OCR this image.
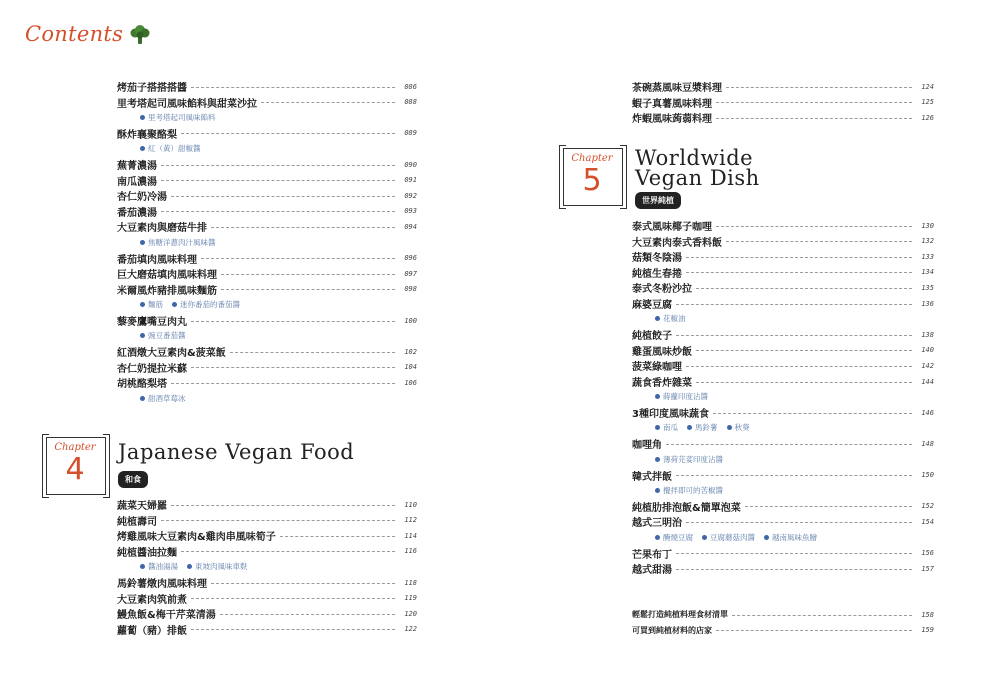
Contents
烤茄子搭搭搭醬	086
里考塔起司風味餡料與甜菜沙拉	088
里考塔起司風味餡料
酥炸襄聚酪梨	089
紅（黃）甜椒醬
蕪菁濃湯	090
南瓜濃湯	091
杏仁奶冷湯	092
番茄濃湯	093
大豆素肉與磨菇牛排	094
焦糖洋蔥肉汁風味醬
番茄填肉風味料理	096
巨大磨菇填肉風味料理	097
米爾風炸豬排風味麵筋	098
麵筋 迷你番茄的番茄醬
藜麥鷹嘴豆肉丸	100
豌豆番茄醬
紅酒燉大豆素肉&菠菜飯	102
杏仁奶提拉米蘇	104
胡桃酪梨塔	106
甜酒草莓冰
Chapter
4	Japanese Vegan Food
和食
蔬菜天婦羅	110
純植壽司	112
烤雞風味大豆素肉&雞肉串風味筍子	114
純植醬油拉麵	116
醬油湯湯 東坡肉風味車麩
馬鈴薯燉肉風味料理	118
大豆素肉筑前煮	119
鰻魚飯&梅干芹菜清湯	120
蘿蔔（豬）排飯	122
茶碗蒸風味豆漿料理	124
蝦子真薯風味料理	125
炸蝦風味蒟蒻料理	126
Chapter
5
Worldwide
Vegan Dish
世界純植
泰式風味椰子咖哩	130
大豆素肉泰式香料飯	132
菇類冬陰湯	133
純植生春捲	134
泰式冬粉沙拉	135
麻婆豆腐	136
花椒油
純植餃子	138
雞蛋風味炒飯	140
菠菜綠咖哩	142
蔬食香炸雜菜	144
蒔蘿印度沾醬
3種印度風味蔬食	146
南瓜 馬鈴薯 秋葵
咖哩角	148
薄荷芫荽印度沾醬
韓式拌飯	150
攪拌即可的苦椒醬
純植肋排泡飯&簡單泡菜	152
越式三明治	154
醃燒豆腐 豆腐蘑菇肉醬 越南風味魚膾
芒果布丁	156
越式甜湯	157
輕鬆打造純植料理食材清單	158
可買到純植材料的店家	159
